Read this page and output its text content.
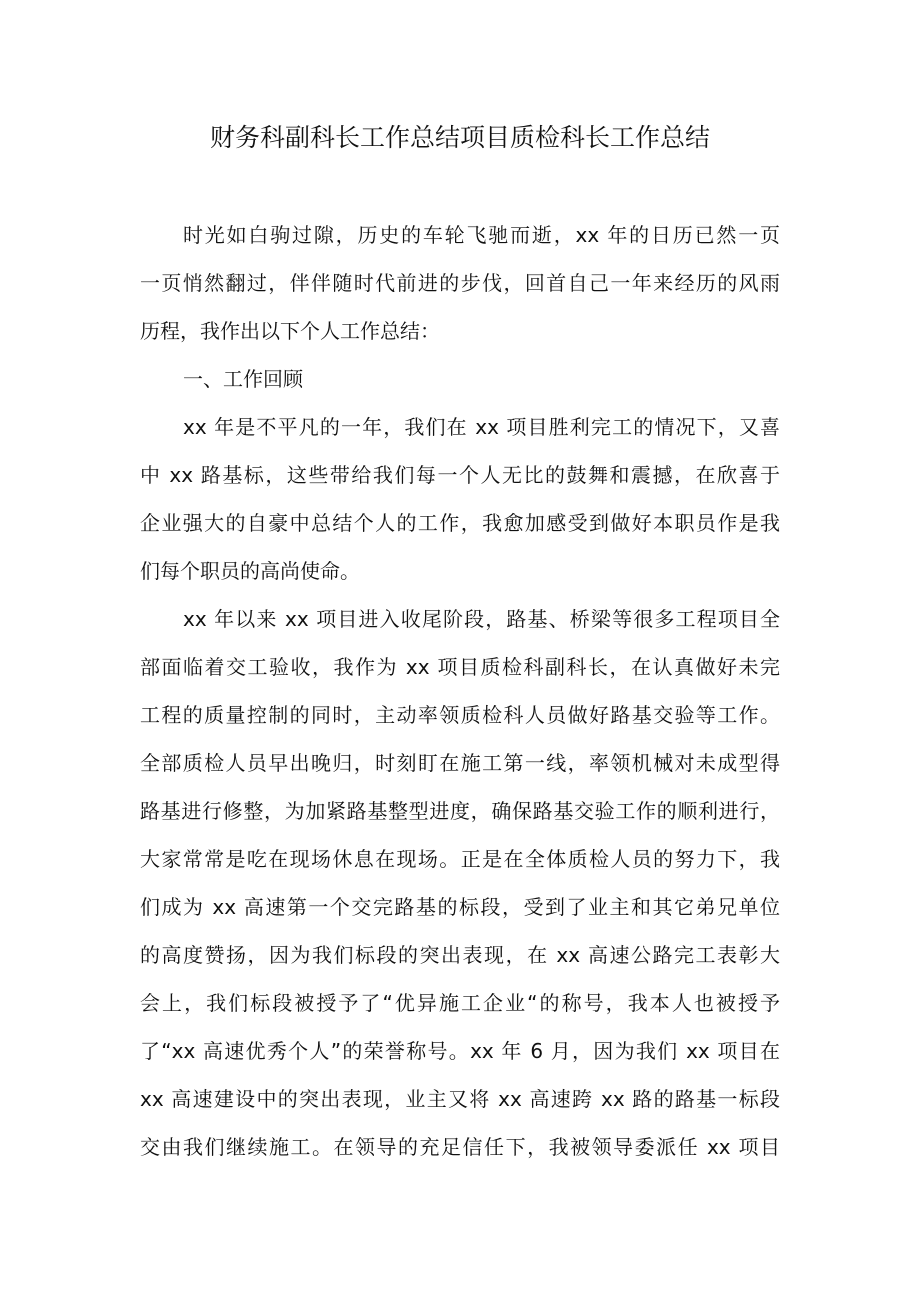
财务科副科长工作总结项目质检科长工作总结
时光如白驹过隙，历史的车轮飞驰而逝，xx 年的日历已然一页
一页悄然翻过，伴伴随时代前进的步伐，回首自己一年来经历的风雨
历程，我作出以下个人工作总结：
一、工作回顾
xx 年是不平凡的一年，我们在 xx 项目胜利完工的情况下，又喜
中 xx 路基标，这些带给我们每一个人无比的鼓舞和震撼，在欣喜于
企业强大的自豪中总结个人的工作，我愈加感受到做好本职员作是我
们每个职员的高尚使命。
xx 年以来 xx 项目进入收尾阶段，路基、桥梁等很多工程项目全
部面临着交工验收，我作为 xx 项目质检科副科长，在认真做好未完
工程的质量控制的同时，主动率领质检科人员做好路基交验等工作。
全部质检人员早出晚归，时刻盯在施工第一线，率领机械对未成型得
路基进行修整，为加紧路基整型进度，确保路基交验工作的顺利进行，
大家常常是吃在现场休息在现场。正是在全体质检人员的努力下，我
们成为 xx 高速第一个交完路基的标段，受到了业主和其它弟兄单位
的高度赞扬，因为我们标段的突出表现，在 xx 高速公路完工表彰大
会上，我们标段被授予了“优异施工企业“的称号，我本人也被授予
了“xx 高速优秀个人”的荣誉称号。xx 年 6 月，因为我们 xx 项目在
xx 高速建设中的突出表现，业主又将 xx 高速跨 xx 路的路基一标段
交由我们继续施工。在领导的充足信任下，我被领导委派任 xx 项目
